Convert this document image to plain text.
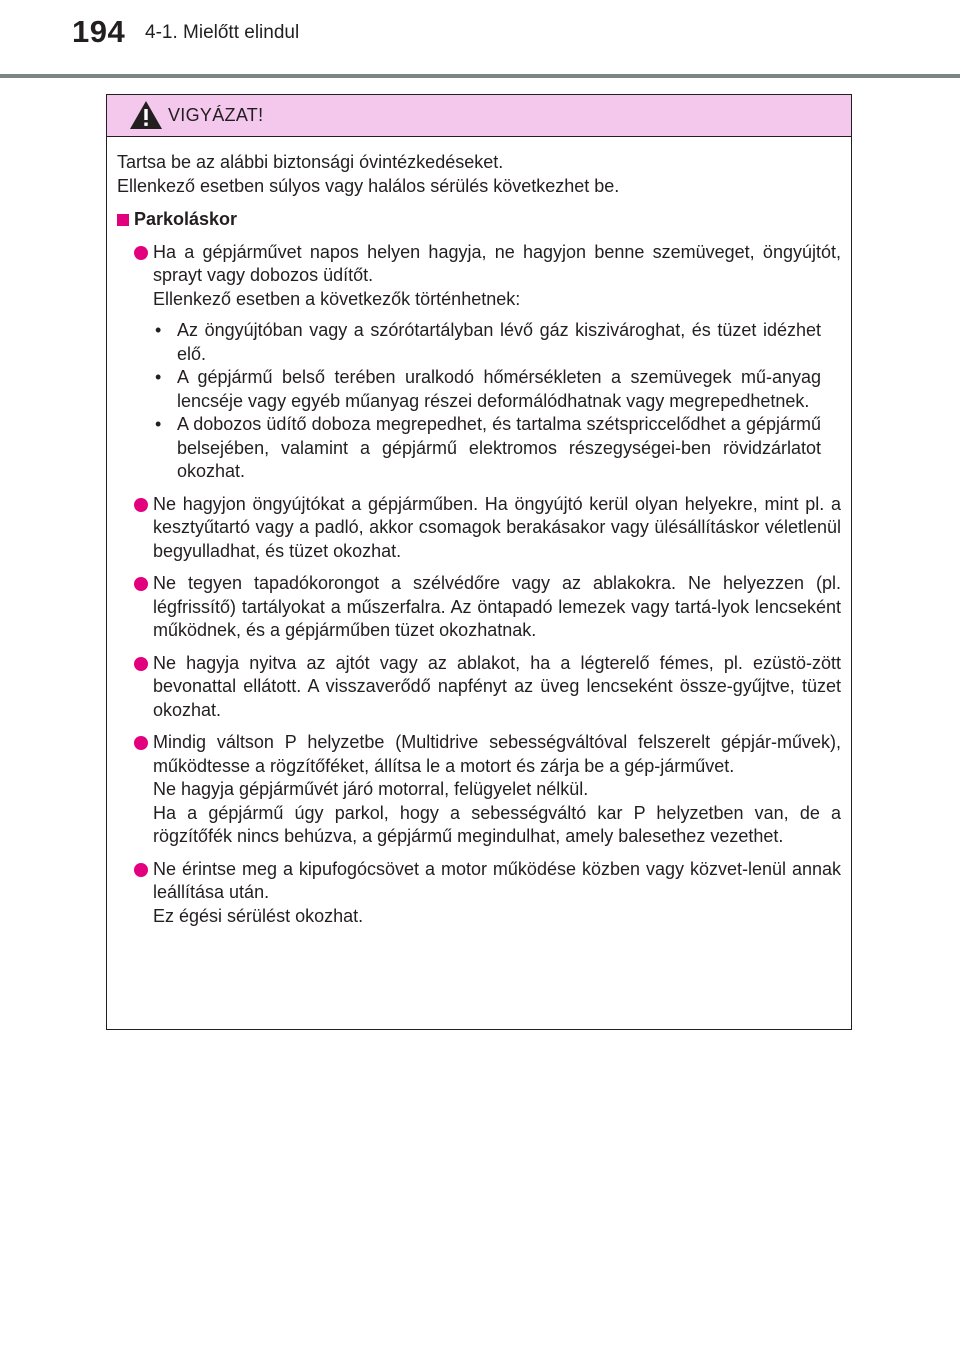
194 4-1. Mielőtt elindul
VIGYÁZAT!

Tartsa be az alábbi biztonsági óvintézkedéseket.

Ellenkező esetben súlyos vagy halálos sérülés következhet be.

Parkoláskor

Ha a gépjárművet napos helyen hagyja, ne hagyjon benne szemüveget, öngyújtót, sprayt vagy dobozos üdítőt.

Ellenkező esetben a következők történhetnek:

• Az öngyújtóban vagy a szórótartályban lévő gáz kiszivároghat, és tüzet idézhet elő.
• A gépjármű belső terében uralkodó hőmérsékleten a szemüvegek mű-anyag lencséje vagy egyéb műanyag részei deformálódhatnak vagy megrepedhetnek.
• A dobozos üdítő doboza megrepedhet, és tartalma szétspriccelődhet a gépjármű belsejében, valamint a gépjármű elektromos részegységei-ben rövidzárlatot okozhat.

Ne hagyjon öngyújtókat a gépjárműben. Ha öngyújtó kerül olyan helyekre, mint pl. a kesztyűtartó vagy a padló, akkor csomagok berakásakor vagy ülésállításkor véletlenül begyulladhat, és tüzet okozhat.

Ne tegyen tapadókorongot a szélvédőre vagy az ablakokra. Ne helyezzen (pl. légfrissítő) tartályokat a műszerfalra. Az öntapadó lemezek vagy tartá-lyok lencseként működnek, és a gépjárműben tüzet okozhatnak.

Ne hagyja nyitva az ajtót vagy az ablakot, ha a légterelő fémes, pl. ezüstö-zött bevonattal ellátott. A visszaverődő napfényt az üveg lencseként össze-gyűjtve, tüzet okozhat.

Mindig váltson P helyzetbe (Multidrive sebességváltóval felszerelt gépjár-művek), működtesse a rögzítőféket, állítsa le a motort és zárja be a gép-járművet.

Ne hagyja gépjárművét járó motorral, felügyelet nélkül.

Ha a gépjármű úgy parkol, hogy a sebességváltó kar P helyzetben van, de a rögzítőfék nincs behúzva, a gépjármű megindulhat, amely balesethez vezethet.

Ne érintse meg a kipufogócsövet a motor működése közben vagy közvet-lenül annak leállítása után.

Ez égési sérülést okozhat.
